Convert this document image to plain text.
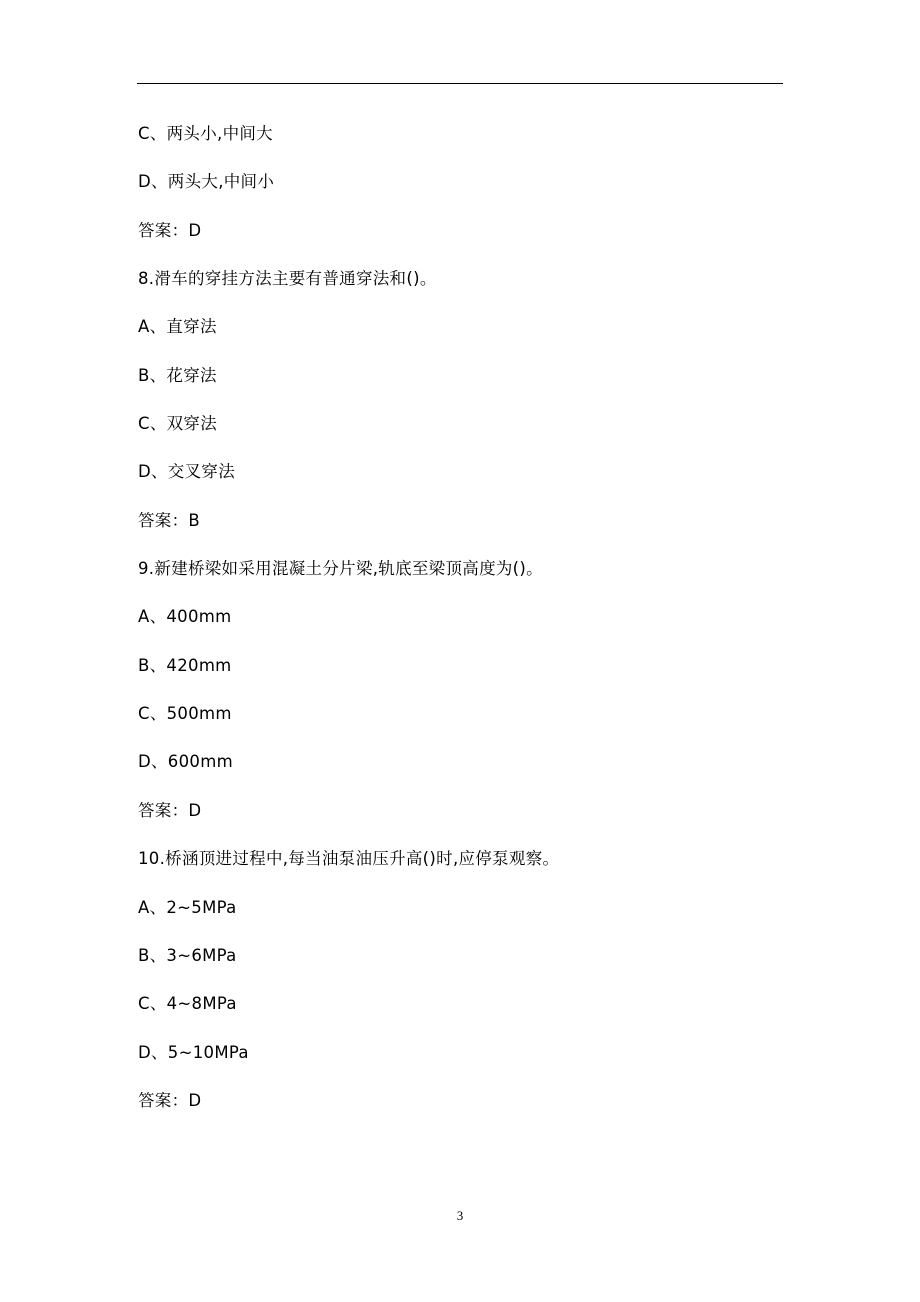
C、两头小,中间大
D、两头大,中间小
答案：D
8.滑车的穿挂方法主要有普通穿法和()。
A、直穿法
B、花穿法
C、双穿法
D、交叉穿法
答案：B
9.新建桥梁如采用混凝土分片梁,轨底至梁顶高度为()。
A、400mm
B、420mm
C、500mm
D、600mm
答案：D
10.桥涵顶进过程中,每当油泵油压升高()时,应停泵观察。
A、2~5MPa
B、3~6MPa
C、4~8MPa
D、5~10MPa
答案：D
3
